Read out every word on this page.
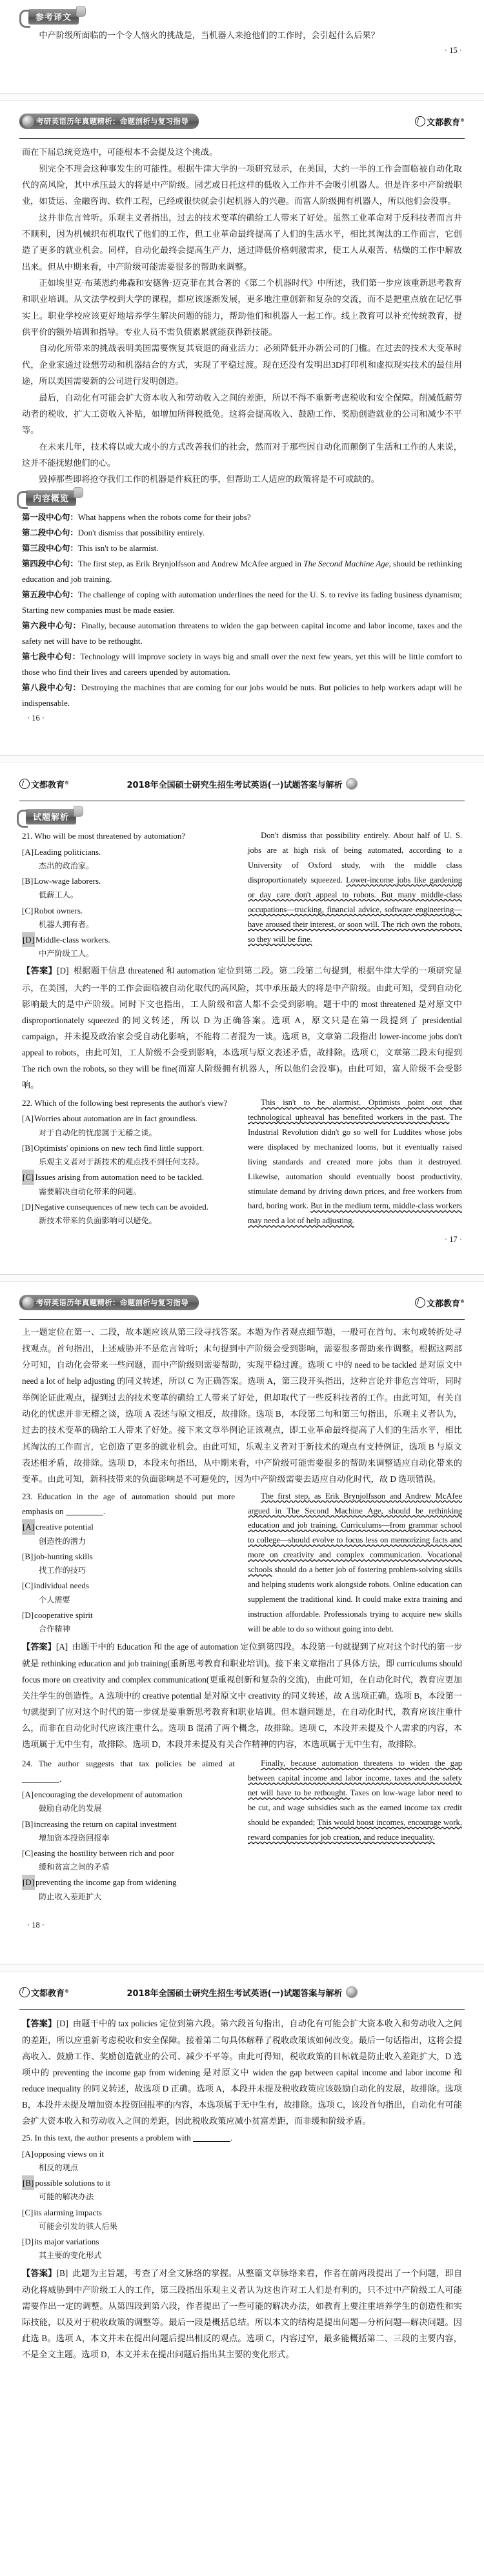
参考译文
中产阶级所面临的一个令人恼火的挑战是，当机器人来抢他们的工作时，会引起什么后果？
· 15 ·
考研英语历年真题精析：命题剖析与复习指导	文都教育®
而在下届总统竞选中，可能根本不会提及这个挑战。
别完全不理会这种事发生的可能性。根据牛津大学的一项研究显示，在美国，大约一半的工作会面临被自动化取代的高风险，其中承压最大的将是中产阶级。园艺或日托这样的低收入工作并不会吸引机器人。但是许多中产阶级职业，如货运、金融咨询、软件工程，已经或很快就会引起机器人的兴趣。而富人阶级拥有机器人，所以他们会没事。
这并非危言耸听。乐观主义者指出，过去的技术变革的确给工人带来了好处。虽然工业革命对于反科技者而言并不顺利，因为机械织布机取代了他们的工作，但工业革命最终提高了人们的生活水平，相比其淘汰的工作而言，它创造了更多的就业机会。同样，自动化最终会提高生产力，通过降低价格刺激需求，使工人从艰苦、枯燥的工作中解放出来。但从中期来看，中产阶级可能需要很多的帮助来调整。
正如埃里克·布莱恩约弗森和安德鲁·迈克菲在其合著的《第二个机器时代》中所述，我们第一步应该重新思考教育和职业培训。从文法学校到大学的课程，都应该逐渐发展，更多地注重创新和复杂的交流，而不是把重点放在记忆事实上。职业学校应该更好地培养学生解决问题的能力，帮助他们和机器人一起工作。线上教育可以补充传统教育，提供平价的额外培训和指导。专业人员不需负债累累就能获得新技能。
自动化所带来的挑战表明美国需要恢复其衰退的商业活力；必须降低开办新公司的门槛。在过去的技术大变革时代，企业家通过设想劳动和机器结合的方式，实现了平稳过渡。现在还没有发明出3D打印机和虚拟现实技术的最佳用途，所以美国需要新的公司进行发明创造。
最后，自动化有可能会扩大资本收入和劳动收入之间的差距，所以不得不重新考虑税收和安全保障。削减低薪劳动者的税收，扩大工资收入补贴，如增加所得税抵免。这将会提高收入、鼓励工作、奖励创造就业的公司和减少不平等。
在未来几年，技术将以或大或小的方式改善我们的社会，然而对于那些因自动化而颠倒了生活和工作的人来说，这并不能抚慰他们的心。
毁掉那些即将抢夺我们工作的机器是件疯狂的事，但帮助工人适应的政策将是不可或缺的。
内容概览
第一段中心句：What happens when the robots come for their jobs?
第二段中心句：Don't dismiss that possibility entirely.
第三段中心句：This isn't to be alarmist.
第四段中心句：The first step, as Erik Brynjolfsson and Andrew McAfee argued in The Second Machine Age, should be rethinking education and job training.
第五段中心句：The challenge of coping with automation underlines the need for the U. S. to revive its fading business dynamism; Starting new companies must be made easier.
第六段中心句：Finally, because automation threatens to widen the gap between capital income and labor income, taxes and the safety net will have to be rethought.
第七段中心句：Technology will improve society in ways big and small over the next few years, yet this will be little comfort to those who find their lives and careers upended by automation.
第八段中心句：Destroying the machines that are coming for our jobs would be nuts. But policies to help workers adapt will be indispensable.
· 16 ·
文都教育®	2018年全国硕士研究生招生考试英语(一)试题答案与解析
试题解析
21. Who will be most threatened by automation?
[A] Leading politicians.
杰出的政治家。
[B] Low-wage laborers.
低薪工人。
[C] Robot owners.
机器人拥有者。
[D] Middle-class workers.
中产阶级工人。
Don't dismiss that possibility entirely. About half of U. S. jobs are at high risk of being automated, according to a University of Oxford study, with the middle class disproportionately squeezed. Lower-income jobs like gardening or day care don't appeal to robots. But many middle-class occupations—trucking, financial advice, software engineering—have aroused their interest, or soon will. The rich own the robots, so they will be fine.
【答案】[D] 根据题干信息 threatened 和 automation 定位到第二段。第二段第二句提到，根据牛津大学的一项研究显示，在美国，大约一半的工作会面临被自动化取代的高风险，其中承压最大的将是中产阶级。由此可知，受到自动化影响最大的是中产阶级。同时下文也指出，工人阶级和富人都不会受到影响。题干中的 most threatened 是对原文中 disproportionately squeezed 的同义转述，所以 D 为正确答案。选项 A，原文只是在第一段提到了 presidential campaign，并未提及政治家会受自动化影响，不能将二者混为一谈。选项 B，文章第二段指出 lower-income jobs don't appeal to robots，由此可知，工人阶级不会受到影响，本选项与原文表述矛盾，故排除。选项 C，文章第二段末句提到 The rich own the robots, so they will be fine(而富人阶级拥有机器人，所以他们会没事)。由此可知，富人阶级不会受影响。
22. Which of the following best represents the author's view?
[A] Worries about automation are in fact groundless.
对于自动化的忧虑属于无稽之谈。
[B] Optimists' opinions on new tech find little support.
乐观主义者对于新技术的观点找不到任何支持。
[C] Issues arising from automation need to be tackled.
需要解决自动化带来的问题。
[D] Negative consequences of new tech can be avoided.
新技术带来的负面影响可以避免。
This isn't to be alarmist. Optimists point out that technological upheaval has benefited workers in the past. The Industrial Revolution didn't go so well for Luddites whose jobs were displaced by mechanized looms, but it eventually raised living standards and created more jobs than it destroyed. Likewise, automation should eventually boost productivity, stimulate demand by driving down prices, and free workers from hard, boring work. But in the medium term, middle-class workers may need a lot of help adjusting.
· 17 ·
考研英语历年真题精析：命题剖析与复习指导	文都教育®
上一题定位在第一、二段，故本题应该从第三段寻找答案。本题为作者观点细节题，一般可在首句、末句或转折处寻找观点。首句指出，上述威胁并不是危言耸听；末句提到中产阶级会受到影响，需要很多帮助来作调整。根据这两部分可知，自动化会带来一些问题，而中产阶级则需要帮助，实现平稳过渡。选项 C 中的 need to be tackled 是对原文中 need a lot of help adjusting 的同义转述，所以 C 为正确答案。选项 A，第三段开头指出，这种言论并非危言耸听，同时举例论证此观点，提到过去的技术变革的确给工人带来了好处，但却取代了一些反科技者的工作。由此可知，有关自动化的忧虑并非无稽之谈，选项 A 表述与原文相反，故排除。选项 B，本段第二句和第三句指出，乐观主义者认为，过去的技术变革的确给工人带来了好处。接下来文章举例论证该观点，即工业革命最终提高了人们的生活水平，相比其淘汰的工作而言，它创造了更多的就业机会。由此可知，乐观主义者对于新技术的观点有支持例证，选项 B 与原文表述相矛盾，故排除。选项 D，本段末句指出，从中期来看，中产阶级可能需要很多的帮助来调整适应自动化带来的变革。由此可知，新科技带来的负面影响是不可避免的，因为中产阶级需要去适应自动化时代，故 D 选项错误。
23. Education in the age of automation should put more emphasis on	.
[A] creative potential
创造性的潜力
[B] job-hunting skills
找工作的技巧
[C] individual needs
个人需要
[D] cooperative spirit
合作精神
The first step, as Erik Brynjolfsson and Andrew McAfee argued in The Second Machine Age, should be rethinking education and job training. Curriculums—from grammar school to college—should evolve to focus less on memorizing facts and more on creativity and complex communication. Vocational schools should do a better job of fostering problem-solving skills and helping students work alongside robots. Online education can supplement the traditional kind. It could make extra training and instruction affordable. Professionals trying to acquire new skills will be able to do so without going into debt.
【答案】[A] 由题干中的 Education 和 the age of automation 定位到第四段。本段第一句就提到了应对这个时代的第一步就是 rethinking education and job training(重新思考教育和职业培训)。接下来文章指出了具体方法，即 curriculums should focus more on creativity and complex communication(更重视创新和复杂的交流)，由此可知，在自动化时代，教育应更加关注学生的创造性。A 选项中的 creative potential 是对原文中 creativity 的同义转述，故 A 选项正确。选项 B，本段第一句就提到了应对这个时代的第一步就是要重新思考教育和职业培训。但本题问题是，在自动化时代，教育应该注重什么，而非在自动化时代应该注重什么。选项 B 混淆了两个概念，故排除。选项 C，本段并未提及个人需求的内容，本选项属于无中生有，故排除。选项 D，本段并未提及有关合作精神的内容，本选项属于无中生有，故排除。
24. The author suggests that tax policies be aimed at .
[A] encouraging the development of automation
鼓励自动化的发展
[B] increasing the return on capital investment
增加资本投资回报率
[C] easing the hostility between rich and poor
缓和贫富之间的矛盾
[D] preventing the income gap from widening
防止收入差距扩大
Finally, because automation threatens to widen the gap between capital income and labor income, taxes and the safety net will have to be rethought. Taxes on low-wage labor need to be cut, and wage subsidies such as the earned income tax credit should be expanded; This would boost incomes, encourage work, reward companies for job creation, and reduce inequality.
· 18 ·
文都教育®	2018年全国硕士研究生招生考试英语(一)试题答案与解析
【答案】[D] 由题干中的 tax policies 定位到第六段。第六段首句指出，自动化有可能会扩大资本收入和劳动收入之间的差距，所以应重新考虑税收和安全保障。接着第二句具体解释了税收政策该如何改变。最后一句话指出，这将会提高收入、鼓励工作、奖励创造就业的公司、减少不平等。由此可得知，税收政策的目标就是防止收入差距扩大，D 选项中的 preventing the income gap from widening 是对原文中 widen the gap between capital income and labor income 和 reduce inequality 的同义转述，故选项 D 正确。选项 A，本段并未提及税收政策应该鼓励自动化的发展，故排除。选项 B，本段并未提及增加资本投资回报率的内容，本选项属于无中生有，故排除。选项 C，该段首句指出，自动化有可能会扩大资本收入和劳动收入之间的差距，因此税收政策应减小贫富差距，而非缓和阶级矛盾。
25. In this text, the author presents a problem with	.
[A] opposing views on it
相反的观点
[B] possible solutions to it
可能的解决办法
[C] its alarming impacts
可能会引发的骇人后果
[D] its major variations
其主要的变化形式
【答案】[B] 此题为主旨题，考查了对全文脉络的掌握。从整篇文章脉络来看，作者在前两段提出了一个问题，即自动化将威胁到中产阶级工人的工作，第三段指出乐观主义者认为这也许对工人们是有利的，只不过中产阶级工人可能需要作出一定的调整。从第四段到第六段，作者提出了一些可能的解决办法，如教育上要注重培养学生的创造性和实际技能，以及对于税收政策的调整等。最后一段是概括总结。所以本文的结构是提出问题—分析问题—解决问题。因此选 B。选项 A，本文并未在提出问题后提出相反的观点。选项 C，内容过窄，最多能概括第二、三段的主要内容，不是全文主题。选项 D，本文并未在提出问题后指出其主要的变化形式。
